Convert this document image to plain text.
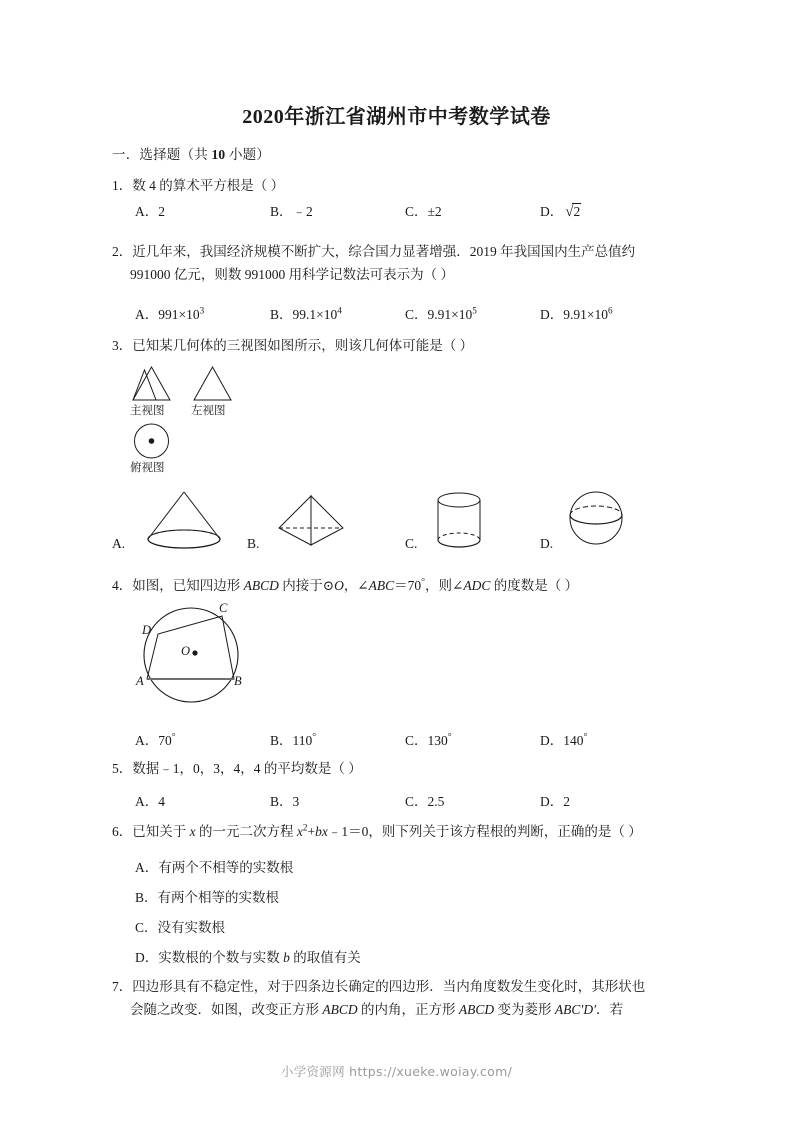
2020年浙江省湖州市中考数学试卷
一．选择题（共 10 小题）
1．数 4 的算术平方根是（ ）
A．2	B．﹣2	C．±2	D． √2
2．近几年来，我国经济规模不断扩大，综合国力显著增强．2019 年我国国内生产总值约
991000 亿元，则数 991000 用科学记数法可表示为（ ）
A．$991\times 10^3$	B．$99.1\times 10^4$	C．$9.91\times 10^5$	D．$9.91\times 10^6$
3．已知某几何体的三视图如图所示，则该几何体可能是（ ）
主视图 左视图
俯视图
A.	B.	C.	D.
4．如图，已知四边形 ABCD 内接于⊙O，∠ABC＝70°，则∠ADC 的度数是（ ）
A	B
C
D
O
A．70°	B．110°	C．130°	D．140°
5．数据﹣1，0，3，4，4 的平均数是（ ）
A．4	B．3	C．2.5	D．2
6．已知关于 x 的一元二次方程 $x^2+bx﹣1=0$，则下列关于该方程根的判断，正确的是（ ）
A．有两个不相等的实数根
B．有两个相等的实数根
C．没有实数根
D．实数根的个数与实数 b 的取值有关
7．四边形具有不稳定性，对于四条边长确定的四边形．当内角度数发生变化时，其形状也
会随之改变．如图，改变正方形 ABCD 的内角，正方形 ABCD 变为菱形 ABC′D′．若
小学资源网 https://xueke.woiay.com/
